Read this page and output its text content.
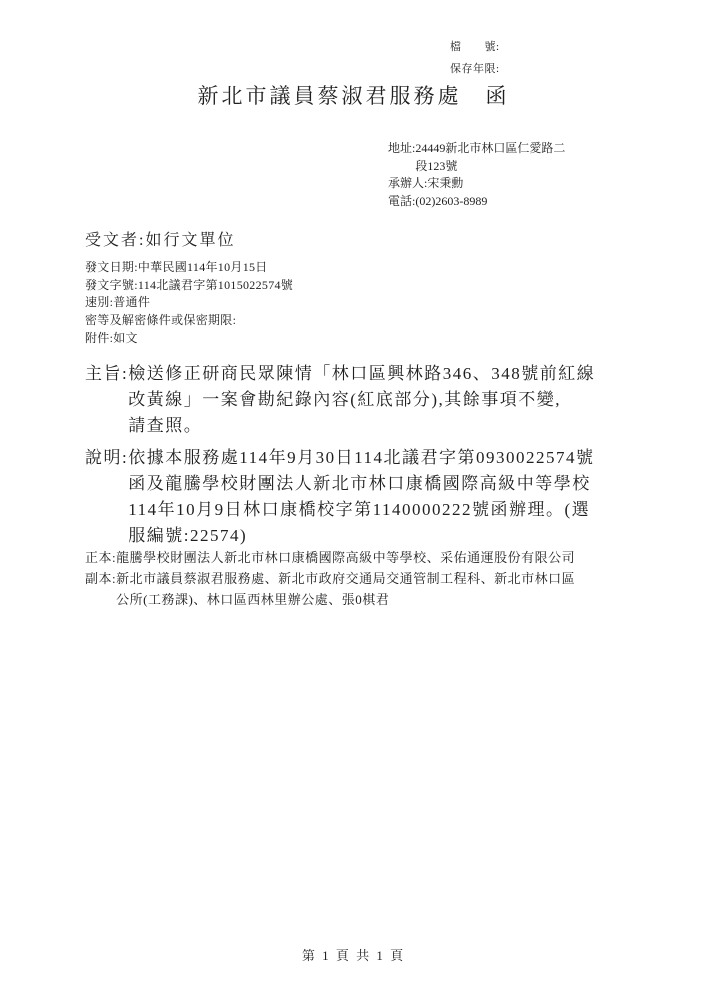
檔　　號:
保存年限:
新北市議員蔡淑君服務處　函
地址: 24449新北市林口區仁愛路二
段123號
承辦人: 宋秉勳
電話: (02)2603-8989
受文者:如行文單位
發文日期:中華民國114年10月15日
發文字號:114北議君字第1015022574號
速別:普通件
密等及解密條件或保密期限:
附件:如文
主旨: 檢送修正研商民眾陳情「林口區興林路346、348號前紅線
改黃線」一案會勘紀錄內容(紅底部分),其餘事項不變,
請查照。
說明: 依據本服務處114年9月30日114北議君字第0930022574號
函及龍騰學校財團法人新北市林口康橋國際高級中等學校
114年10月9日林口康橋校字第1140000222號函辦理。(選
服編號:22574)
正本: 龍騰學校財團法人新北市林口康橋國際高級中等學校、采佑通運股份有限公司
副本: 新北市議員蔡淑君服務處、新北市政府交通局交通管制工程科、新北市林口區
公所(工務課)、林口區西林里辦公處、張0棋君
第 1 頁 共 1 頁
